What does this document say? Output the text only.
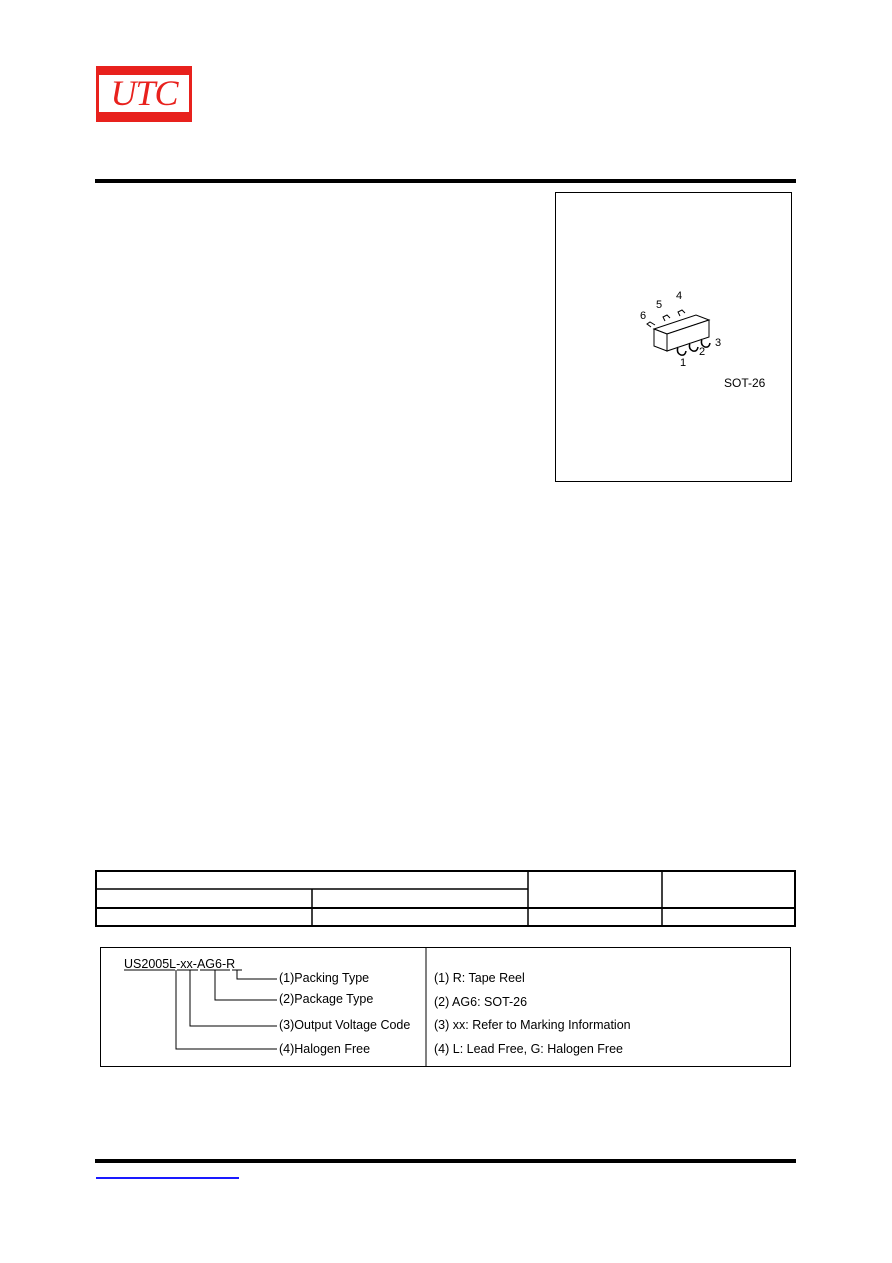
UTC
6
5
4
1
2
3
SOT-26
US2005L-xx-AG6-R
(1)Packing Type
(2)Package Type
(3)Output Voltage Code
(4)Halogen Free
(1) R: Tape Reel
(2) AG6: SOT-26
(3) xx: Refer to Marking Information
(4) L: Lead Free, G: Halogen Free
